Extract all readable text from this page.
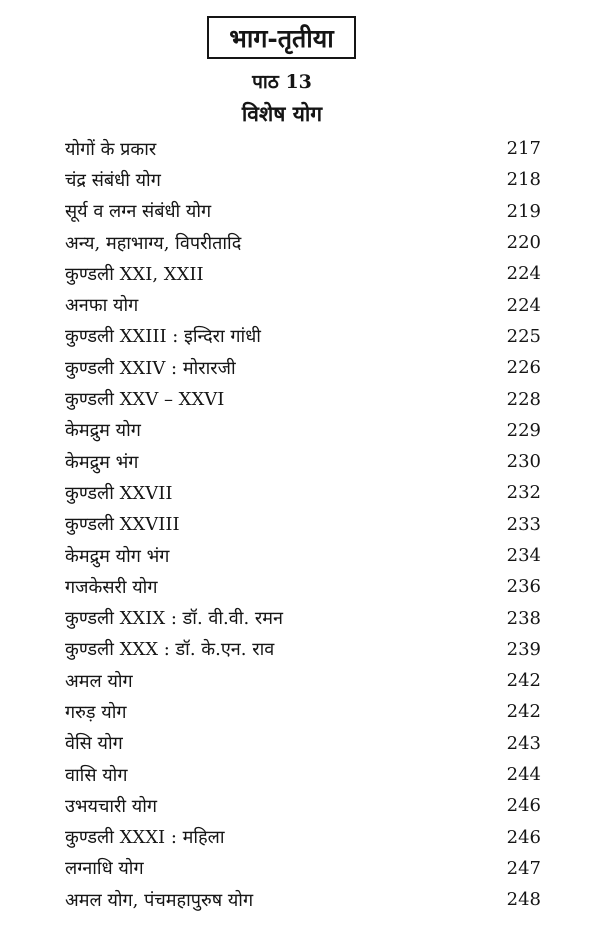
भाग-तृतीया
पाठ 13
विशेष योग
योगों के प्रकार	217
चंद्र संबंधी योग	218
सूर्य व लग्न संबंधी योग	219
अन्य, महाभाग्य, विपरीतादि	220
कुण्डली XXI, XXII	224
अनफा योग	224
कुण्डली XXIII : इन्दिरा गांधी	225
कुण्डली XXIV : मोरारजी	226
कुण्डली XXV – XXVI	228
केमद्रुम योग	229
केमद्रुम भंग	230
कुण्डली XXVII	232
कुण्डली XXVIII	233
केमद्रुम योग भंग	234
गजकेसरी योग	236
कुण्डली XXIX : डॉ. वी.वी. रमन	238
कुण्डली XXX : डॉ. के.एन. राव	239
अमल योग	242
गरुड़ योग	242
वेसि योग	243
वासि योग	244
उभयचारी योग	246
कुण्डली XXXI : महिला	246
लग्नाधि योग	247
अमल योग, पंचमहापुरुष योग	248
